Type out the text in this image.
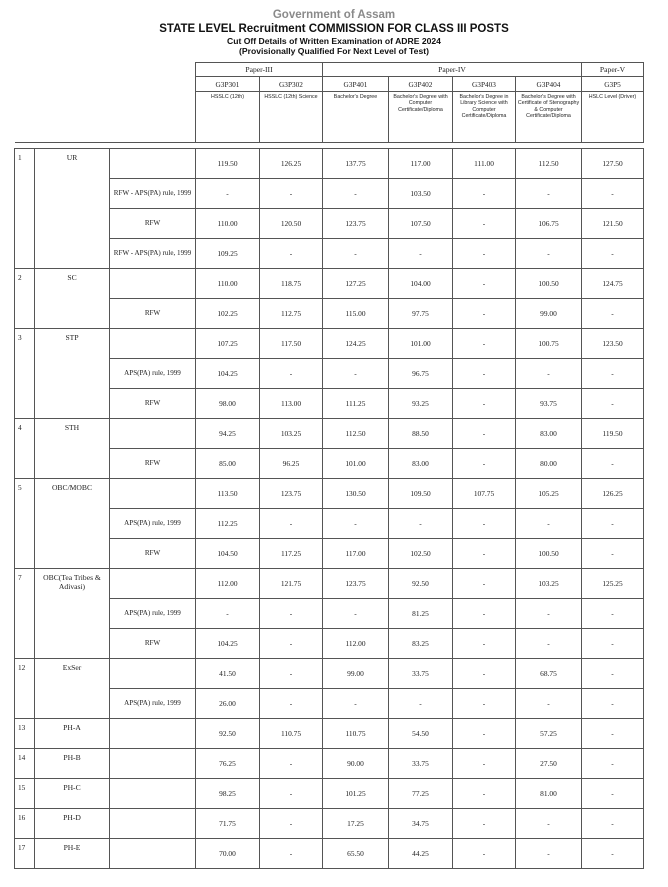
Government of Assam
STATE LEVEL Recruitment COMMISSION FOR CLASS III POSTS
Cut Off Details of Written Examination of ADRE 2024
(Provisionally Qualified For Next Level of Test)
			Paper-III		Paper-IV				Paper-V
			G3P301	G3P302	G3P401	G3P402	G3P403	G3P404	G3P5
			HSSLC (12th)	HSSLC (12th) Science	Bachelor's Degree	Bachelor's Degree with Computer Certificate/Diploma	Bachelor's Degree in Library Science with Computer Certificate/Diploma	Bachelor's Degree with Certificate of Stenography & Computer Certificate/Diploma	HSLC Level (Driver)

1	UR		119.50	126.25	137.75	117.00	111.00	112.50	127.50
		RFW - APS(PA) rule, 1999	-	-	-	103.50	-	-	-
		RFW	110.00	120.50	123.75	107.50	-	106.75	121.50
		RFW - APS(PA) rule, 1999	109.25	-	-	-	-	-	-
2	SC		110.00	118.75	127.25	104.00	-	100.50	124.75
		RFW	102.25	112.75	115.00	97.75	-	99.00	-
3	STP		107.25	117.50	124.25	101.00	-	100.75	123.50
		APS(PA) rule, 1999	104.25	-	-	96.75	-	-	-
		RFW	98.00	113.00	111.25	93.25	-	93.75	-
4	STH		94.25	103.25	112.50	88.50	-	83.00	119.50
		RFW	85.00	96.25	101.00	83.00	-	80.00	-
5	OBC/MOBC		113.50	123.75	130.50	109.50	107.75	105.25	126.25
		APS(PA) rule, 1999	112.25	-	-	-	-	-	-
		RFW	104.50	117.25	117.00	102.50	-	100.50	-
7	OBC(Tea Tribes & Adivasi)		112.00	121.75	123.75	92.50	-	103.25	125.25
		APS(PA) rule, 1999	-	-	-	81.25	-	-	-
		RFW	104.25	-	112.00	83.25	-	-	-
12	ExSer		41.50	-	99.00	33.75	-	68.75	-
		APS(PA) rule, 1999	26.00	-	-	-	-	-	-
13	PH-A		92.50	110.75	110.75	54.50	-	57.25	-
14	PH-B		76.25	-	90.00	33.75	-	27.50	-
15	PH-C		98.25	-	101.25	77.25	-	81.00	-
16	PH-D		71.75	-	17.25	34.75	-	-	-
17	PH-E		70.00	-	65.50	44.25	-	-	-
